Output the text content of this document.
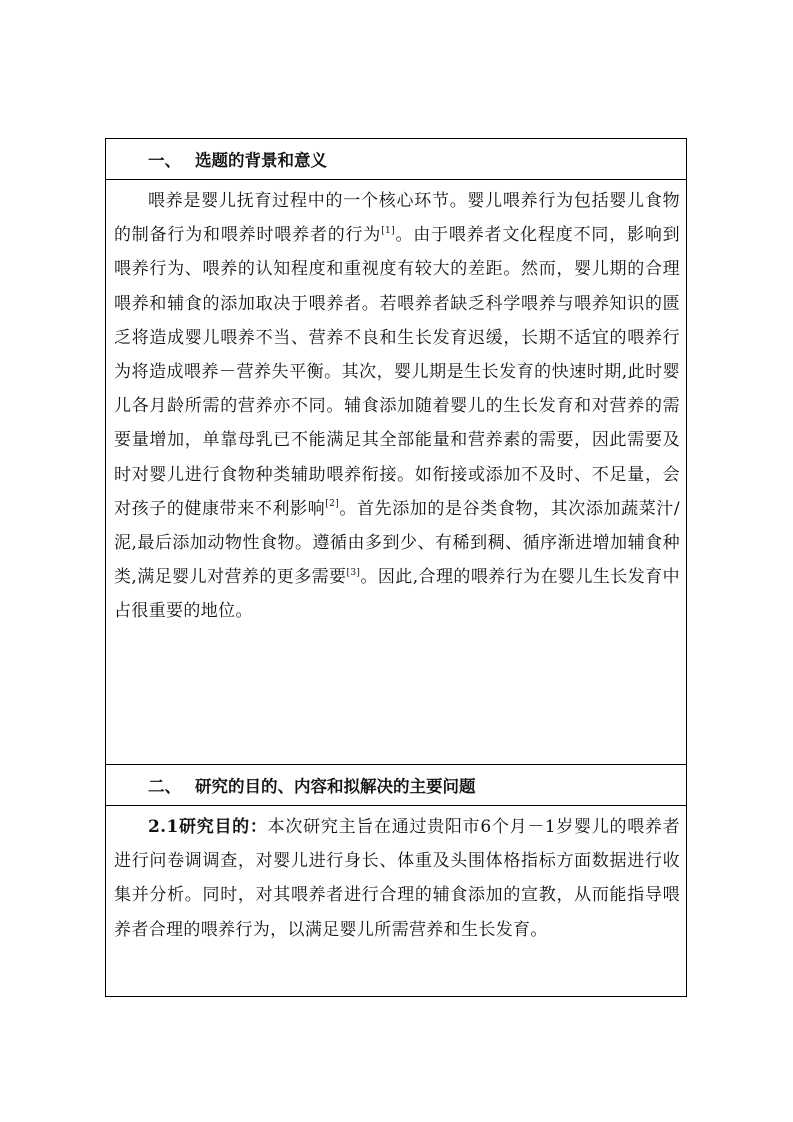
一、 选题的背景和意义

喂养是婴儿抚育过程中的一个核心环节。婴儿喂养行为包括婴儿食物的制备行为和喂养时喂养者的行为[1]。由于喂养者文化程度不同，影响到喂养行为、喂养的认知程度和重视度有较大的差距。然而，婴儿期的合理喂养和辅食的添加取决于喂养者。若喂养者缺乏科学喂养与喂养知识的匮乏将造成婴儿喂养不当、营养不良和生长发育迟缓，长期不适宜的喂养行为将造成喂养－营养失平衡。其次，婴儿期是生长发育的快速时期,此时婴儿各月龄所需的营养亦不同。辅食添加随着婴儿的生长发育和对营养的需要量增加，单靠母乳已不能满足其全部能量和营养素的需要，因此需要及时对婴儿进行食物种类辅助喂养衔接。如衔接或添加不及时、不足量，会对孩子的健康带来不利影响[2]。首先添加的是谷类食物，其次添加蔬菜汁/泥,最后添加动物性食物。遵循由多到少、有稀到稠、循序渐进增加辅食种类,满足婴儿对营养的更多需要[3]。因此,合理的喂养行为在婴儿生长发育中占很重要的地位。

二、 研究的目的、内容和拟解决的主要问题

2.1研究目的：本次研究主旨在通过贵阳市6个月－1岁婴儿的喂养者进行问卷调调查，对婴儿进行身长、体重及头围体格指标方面数据进行收集并分析。同时，对其喂养者进行合理的辅食添加的宣教，从而能指导喂养者合理的喂养行为，以满足婴儿所需营养和生长发育。
